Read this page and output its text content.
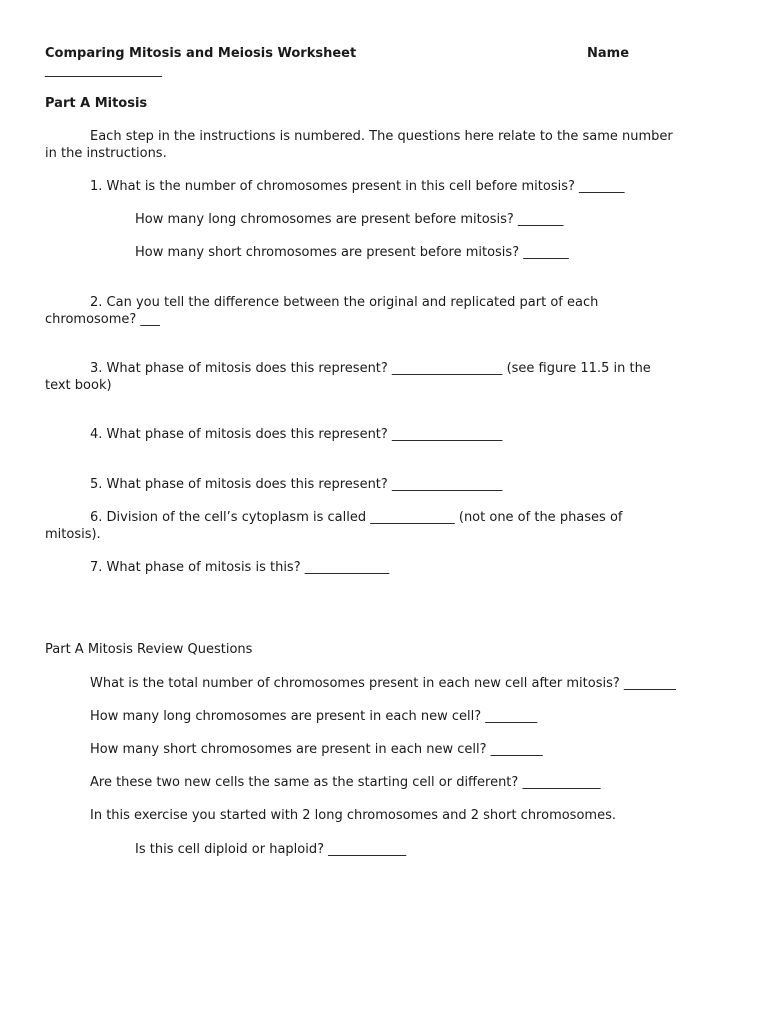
Comparing Mitosis and Meiosis Worksheet	Name
__________________
Part A Mitosis
Each step in the instructions is numbered. The questions here relate to the same number
in the instructions.
1. What is the number of chromosomes present in this cell before mitosis? _______
How many long chromosomes are present before mitosis? _______
How many short chromosomes are present before mitosis? _______
2. Can you tell the difference between the original and replicated part of each
chromosome? ___
3. What phase of mitosis does this represent? _________________ (see figure 11.5 in the
text book)
4. What phase of mitosis does this represent? _________________
5. What phase of mitosis does this represent? _________________
6. Division of the cell’s cytoplasm is called _____________ (not one of the phases of
mitosis).
7. What phase of mitosis is this? _____________
Part A Mitosis Review Questions
What is the total number of chromosomes present in each new cell after mitosis? ________
How many long chromosomes are present in each new cell? ________
How many short chromosomes are present in each new cell? ________
Are these two new cells the same as the starting cell or different? ____________
In this exercise you started with 2 long chromosomes and 2 short chromosomes.
Is this cell diploid or haploid? ____________
